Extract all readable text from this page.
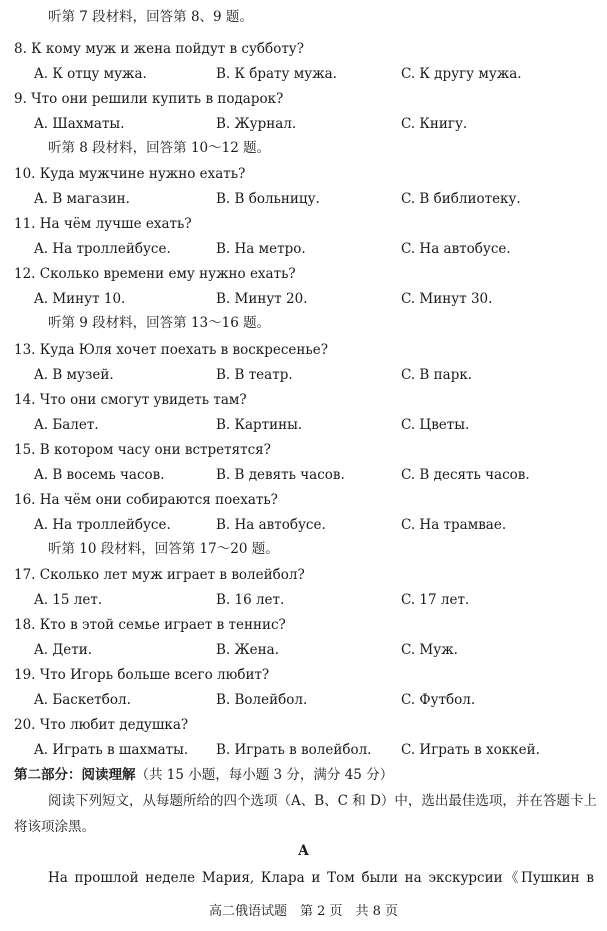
听第 7 段材料，回答第 8、9 题。
8. К кому муж и жена пойдут в субботу?
A. К отцу мужа.	B. К брату мужа.	C. К другу мужа.
9. Что они решили купить в подарок?
A. Шахматы.	B. Журнал.	C. Книгу.
听第 8 段材料，回答第 10～12 题。
10. Куда мужчине нужно ехать?
A. В магазин.	B. В больницу.	C. В библиотеку.
11. На чём лучше ехать?
A. На троллейбусе.	B. На метро.	C. На автобусе.
12. Сколько времени ему нужно ехать?
A. Минут 10.	B. Минут 20.	C. Минут 30.
听第 9 段材料，回答第 13～16 题。
13. Куда Юля хочет поехать в воскресенье?
A. В музей.	B. В театр.	C. В парк.
14. Что они смогут увидеть там?
A. Балет.	B. Картины.	C. Цветы.
15. В котором часу они встретятся?
A. В восемь часов.	B. В девять часов.	C. В десять часов.
16. На чём они собираются поехать?
A. На троллейбусе.	B. На автобусе.	C. На трамвае.
听第 10 段材料，回答第 17～20 题。
17. Сколько лет муж играет в волейбол?
A. 15 лет.	B. 16 лет.	C. 17 лет.
18. Кто в этой семье играет в теннис?
A. Дети.	B. Жена.	C. Муж.
19. Что Игорь больше всего любит?
A. Баскетбол.	B. Волейбол.	C. Футбол.
20. Что любит дедушка?
A. Играть в шахматы. B. Играть в волейбол. C. Играть в хоккей.
第二部分：阅读理解（共 15 小题，每小题 3 分，满分 45 分）
阅读下列短文，从每题所给的四个选项（A、B、C 和 D）中，选出最佳选项，并在答题卡上将该项涂黑。
A
На прошлой неделе Мария, Клара и Том были на экскурсии《Пушкин в
高二俄语试题　第 2 页　共 8 页
